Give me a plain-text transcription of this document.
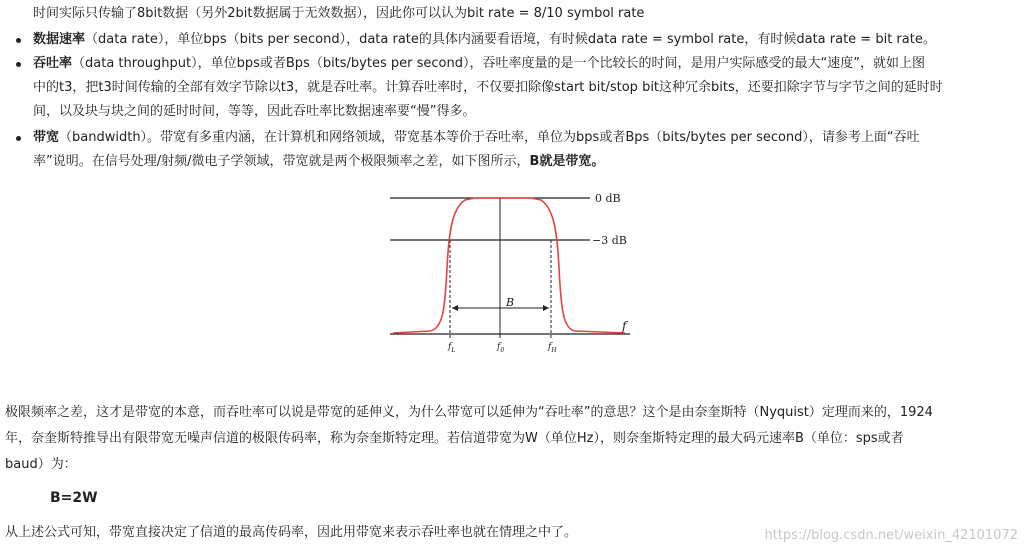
时间实际只传输了8bit数据（另外2bit数据属于无效数据），因此你可以认为bit rate = 8/10 symbol rate
数据速率（data rate），单位bps（bits per second），data rate的具体内涵要看语境，有时候data rate = symbol rate，有时候data rate = bit rate。
吞吐率（data throughput），单位bps或者Bps（bits/bytes per second），吞吐率度量的是一个比较长的时间，是用户实际感受的最大“速度”，就如上图
中的t3，把t3时间传输的全部有效字节除以t3，就是吞吐率。计算吞吐率时，不仅要扣除像start bit/stop bit这种冗余bits，还要扣除字节与字节之间的延时时
间，以及块与块之间的延时时间，等等，因此吞吐率比数据速率要“慢”得多。
带宽（bandwidth）。带宽有多重内涵，在计算机和网络领域，带宽基本等价于吞吐率，单位为bps或者Bps（bits/bytes per second），请参考上面“吞吐
率”说明。在信号处理/射频/微电子学领域，带宽就是两个极限频率之差，如下图所示，B就是带宽。
0 dB
−3 dB
B
f
$f_L$	$f_0$	$f_H$
极限频率之差，这才是带宽的本意，而吞吐率可以说是带宽的延伸义，为什么带宽可以延伸为“吞吐率”的意思？这个是由奈奎斯特（Nyquist）定理而来的，1924
年，奈奎斯特推导出有限带宽无噪声信道的极限传码率，称为奈奎斯特定理。若信道带宽为W（单位Hz），则奈奎斯特定理的最大码元速率B（单位：sps或者
baud）为：
B=2W
从上述公式可知，带宽直接决定了信道的最高传码率，因此用带宽来表示吞吐率也就在情理之中了。	https://blog.csdn.net/weixin_42101072
